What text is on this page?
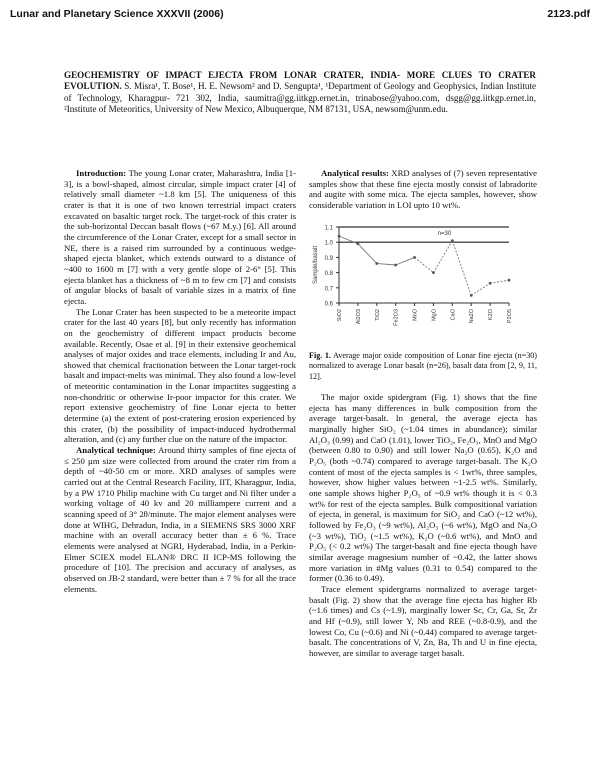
Lunar and Planetary Science XXXVII (2006)	2123.pdf
GEOCHEMISTRY OF IMPACT EJECTA FROM LONAR CRATER, INDIA- MORE CLUES TO CRATER EVOLUTION. S. Misra¹, T. Bose¹, H. E. Newsom² and D. Sengupta¹, ¹Department of Geology and Geophysics, Indian Institute of Technology, Kharagpur- 721 302, India, saumitra@gg.iitkgp.ernet.in, trinabose@yahoo.com, dsgg@gg.iitkgp.ernet.in, ²Institute of Meteoritics, University of New Mexico, Albuquerque, NM 87131, USA, newsom@unm.edu.

Introduction: The young Lonar crater, Maharashtra, India [1-3], is a bowl-shaped, almost circular, simple impact crater [4] of relatively small diameter ~1.8 km [5]. The uniqueness of this crater is that it is one of two known terrestrial impact craters excavated on basaltic target rock. The target-rock of this crater is the sub-horizontal Deccan basalt flows (~67 M.y.) [6]. All around the circumference of the Lonar Crater, except for a small sector in NE, there is a raised rim surrounded by a continuous wedge-shaped ejecta blanket, which extends outward to a distance of ~400 to 1600 m [7] with a very gentle slope of 2-6° [5]. This ejecta blanket has a thickness of ~8 m to few cm [7] and consists of angular blocks of basalt of variable sizes in a matrix of fine ejecta.

The Lonar Crater has been suspected to be a meteorite impact crater for the last 40 years [8], but only recently has information on the geochemistry of different impact products become available. Recently, Osae et al. [9] in their extensive geochemical analyses of major oxides and trace elements, including Ir and Au, showed that chemical fractionation between the Lonar target-rock basalt and impact-melts was minimal. They also found a low-level of meteoritic contamination in the Lonar impactites suggesting a non-chondritic or otherwise Ir-poor impactor for this crater. We report extensive geochemistry of fine Lonar ejecta to better determine (a) the extent of post-cratering erosion experienced by this crater, (b) the possibility of impact-induced hydrothermal alteration, and (c) any further clue on the nature of the impactor.

Analytical technique: Around thirty samples of fine ejecta of ≤ 250 µm size were collected from around the crater rim from a depth of ~40-50 cm or more. XRD analyses of samples were carried out at the Central Research Facility, IIT, Kharagpur, India, by a PW 1710 Philip machine with Cu target and Ni filter under a working voltage of 40 kv and 20 milliampere current and a scanning speed of 3° 2θ/minute. The major element analyses were done at WIHG, Dehradun, India, in a SIEMENS SRS 3000 XRF machine with an overall accuracy better than ± 6 %. Trace elements were analysed at NGRI, Hyderabad, India, in a Perkin-Elmer SCIEX model ELAN® DRC II ICP-MS following the procedure of [10]. The precision and accuracy of analyses, as observed on JB-2 standard, were better than ± 7 % for all the trace elements.

Analytical results: XRD analyses of (7) seven representative samples show that these fine ejecta mostly consist of labradorite and augite with some mica. The ejecta samples, however, show considerable variation in LOI upto 10 wt%.

1.1
1.0
0.9
0.8
0.7
0.6
SiO2 Al2O3 TiO2 Fe2O3 MnO MgO CaO Na2O K2O P2O5
Sample/basalt
n=30

Fig. 1. Average major oxide composition of Lonar fine ejecta (n=30) normalized to average Lonar basalt (n=26), basalt data from [2, 9, 11, 12].

The major oxide spidergram (Fig. 1) shows that the fine ejecta has many differences in bulk composition from the average target-basalt. In general, the average ejecta has marginally higher SiO₂ (~1.04 times in abundance); similar Al₂O₃ (0.99) and CaO (1.01), lower TiO₂, Fe₂O₃, MnO and MgO (between 0.80 to 0.90) and still lower Na₂O (0.65), K₂O and P₂O₅ (both ~0.74) compared to average target-basalt. The K₂O content of most of the ejecta samples is < 1wt%, three samples, however, show higher values between ~1-2.5 wt%. Similarly, one sample shows higher P₂O₅ of ~0.9 wt% though it is < 0.3 wt% for rest of the ejecta samples. Bulk compositional variation of ejecta, in general, is maximum for SiO₂ and CaO (~12 wt%), followed by Fe₂O₃ (~9 wt%), Al₂O₃ (~6 wt%), MgO and Na₂O (~3 wt%), TiO₂ (~1.5 wt%), K₂O (~0.6 wt%), and MnO and P₂O₅ (< 0.2 wt%) The target-basalt and fine ejecta though have similar average magnesium number of ~0.42, the latter shows more variation in #Mg values (0.31 to 0.54) compared to the former (0.36 to 0.49).

Trace element spidergrams normalized to average target-basalt (Fig. 2) show that the average fine ejecta has higher Rb (~1.6 times) and Cs (~1.9), marginally lower Sc, Cr, Ga, Sr, Zr and Hf (~0.9), still lower Y, Nb and REE (~0.8-0.9), and the lowest Co, Cu (~0.6) and Ni (~0.44) compared to average target-basalt. The concentrations of V, Zn, Ba, Th and U in fine ejecta, however, are similar to average target basalt.
